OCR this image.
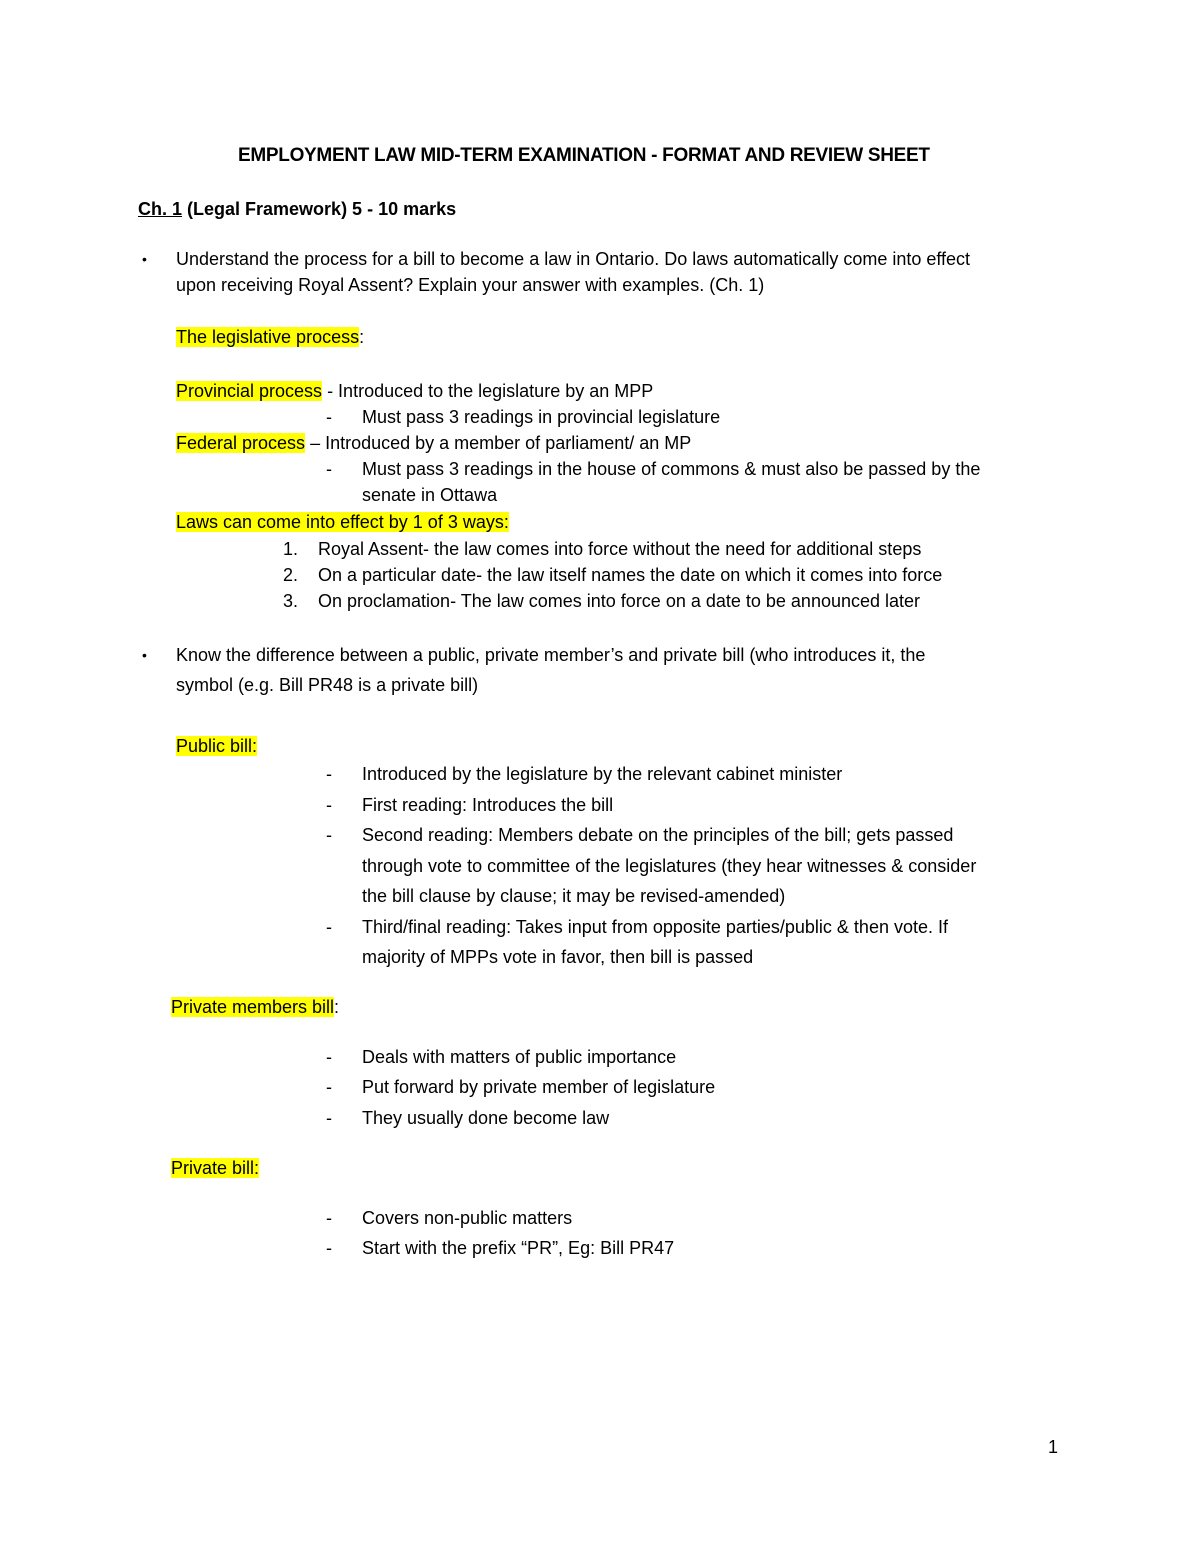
EMPLOYMENT LAW MID-TERM EXAMINATION - FORMAT AND REVIEW SHEET
Ch. 1 (Legal Framework) 5 - 10 marks
• Understand the process for a bill to become a law in Ontario. Do laws automatically come into effect
upon receiving Royal Assent? Explain your answer with examples. (Ch. 1)
The legislative process:
Provincial process - Introduced to the legislature by an MPP
- Must pass 3 readings in provincial legislature
Federal process – Introduced by a member of parliament/ an MP
- Must pass 3 readings in the house of commons & must also be passed by the
senate in Ottawa
Laws can come into effect by 1 of 3 ways:
1. Royal Assent- the law comes into force without the need for additional steps
2. On a particular date- the law itself names the date on which it comes into force
3. On proclamation- The law comes into force on a date to be announced later
• Know the difference between a public, private member’s and private bill (who introduces it, the
symbol (e.g. Bill PR48 is a private bill)
Public bill:
- Introduced by the legislature by the relevant cabinet minister
- First reading: Introduces the bill
- Second reading: Members debate on the principles of the bill; gets passed
through vote to committee of the legislatures (they hear witnesses & consider
the bill clause by clause; it may be revised-amended)
- Third/final reading: Takes input from opposite parties/public & then vote. If
majority of MPPs vote in favor, then bill is passed
Private members bill:
- Deals with matters of public importance
- Put forward by private member of legislature
- They usually done become law
Private bill:
- Covers non-public matters
- Start with the prefix “PR”, Eg: Bill PR47
1
